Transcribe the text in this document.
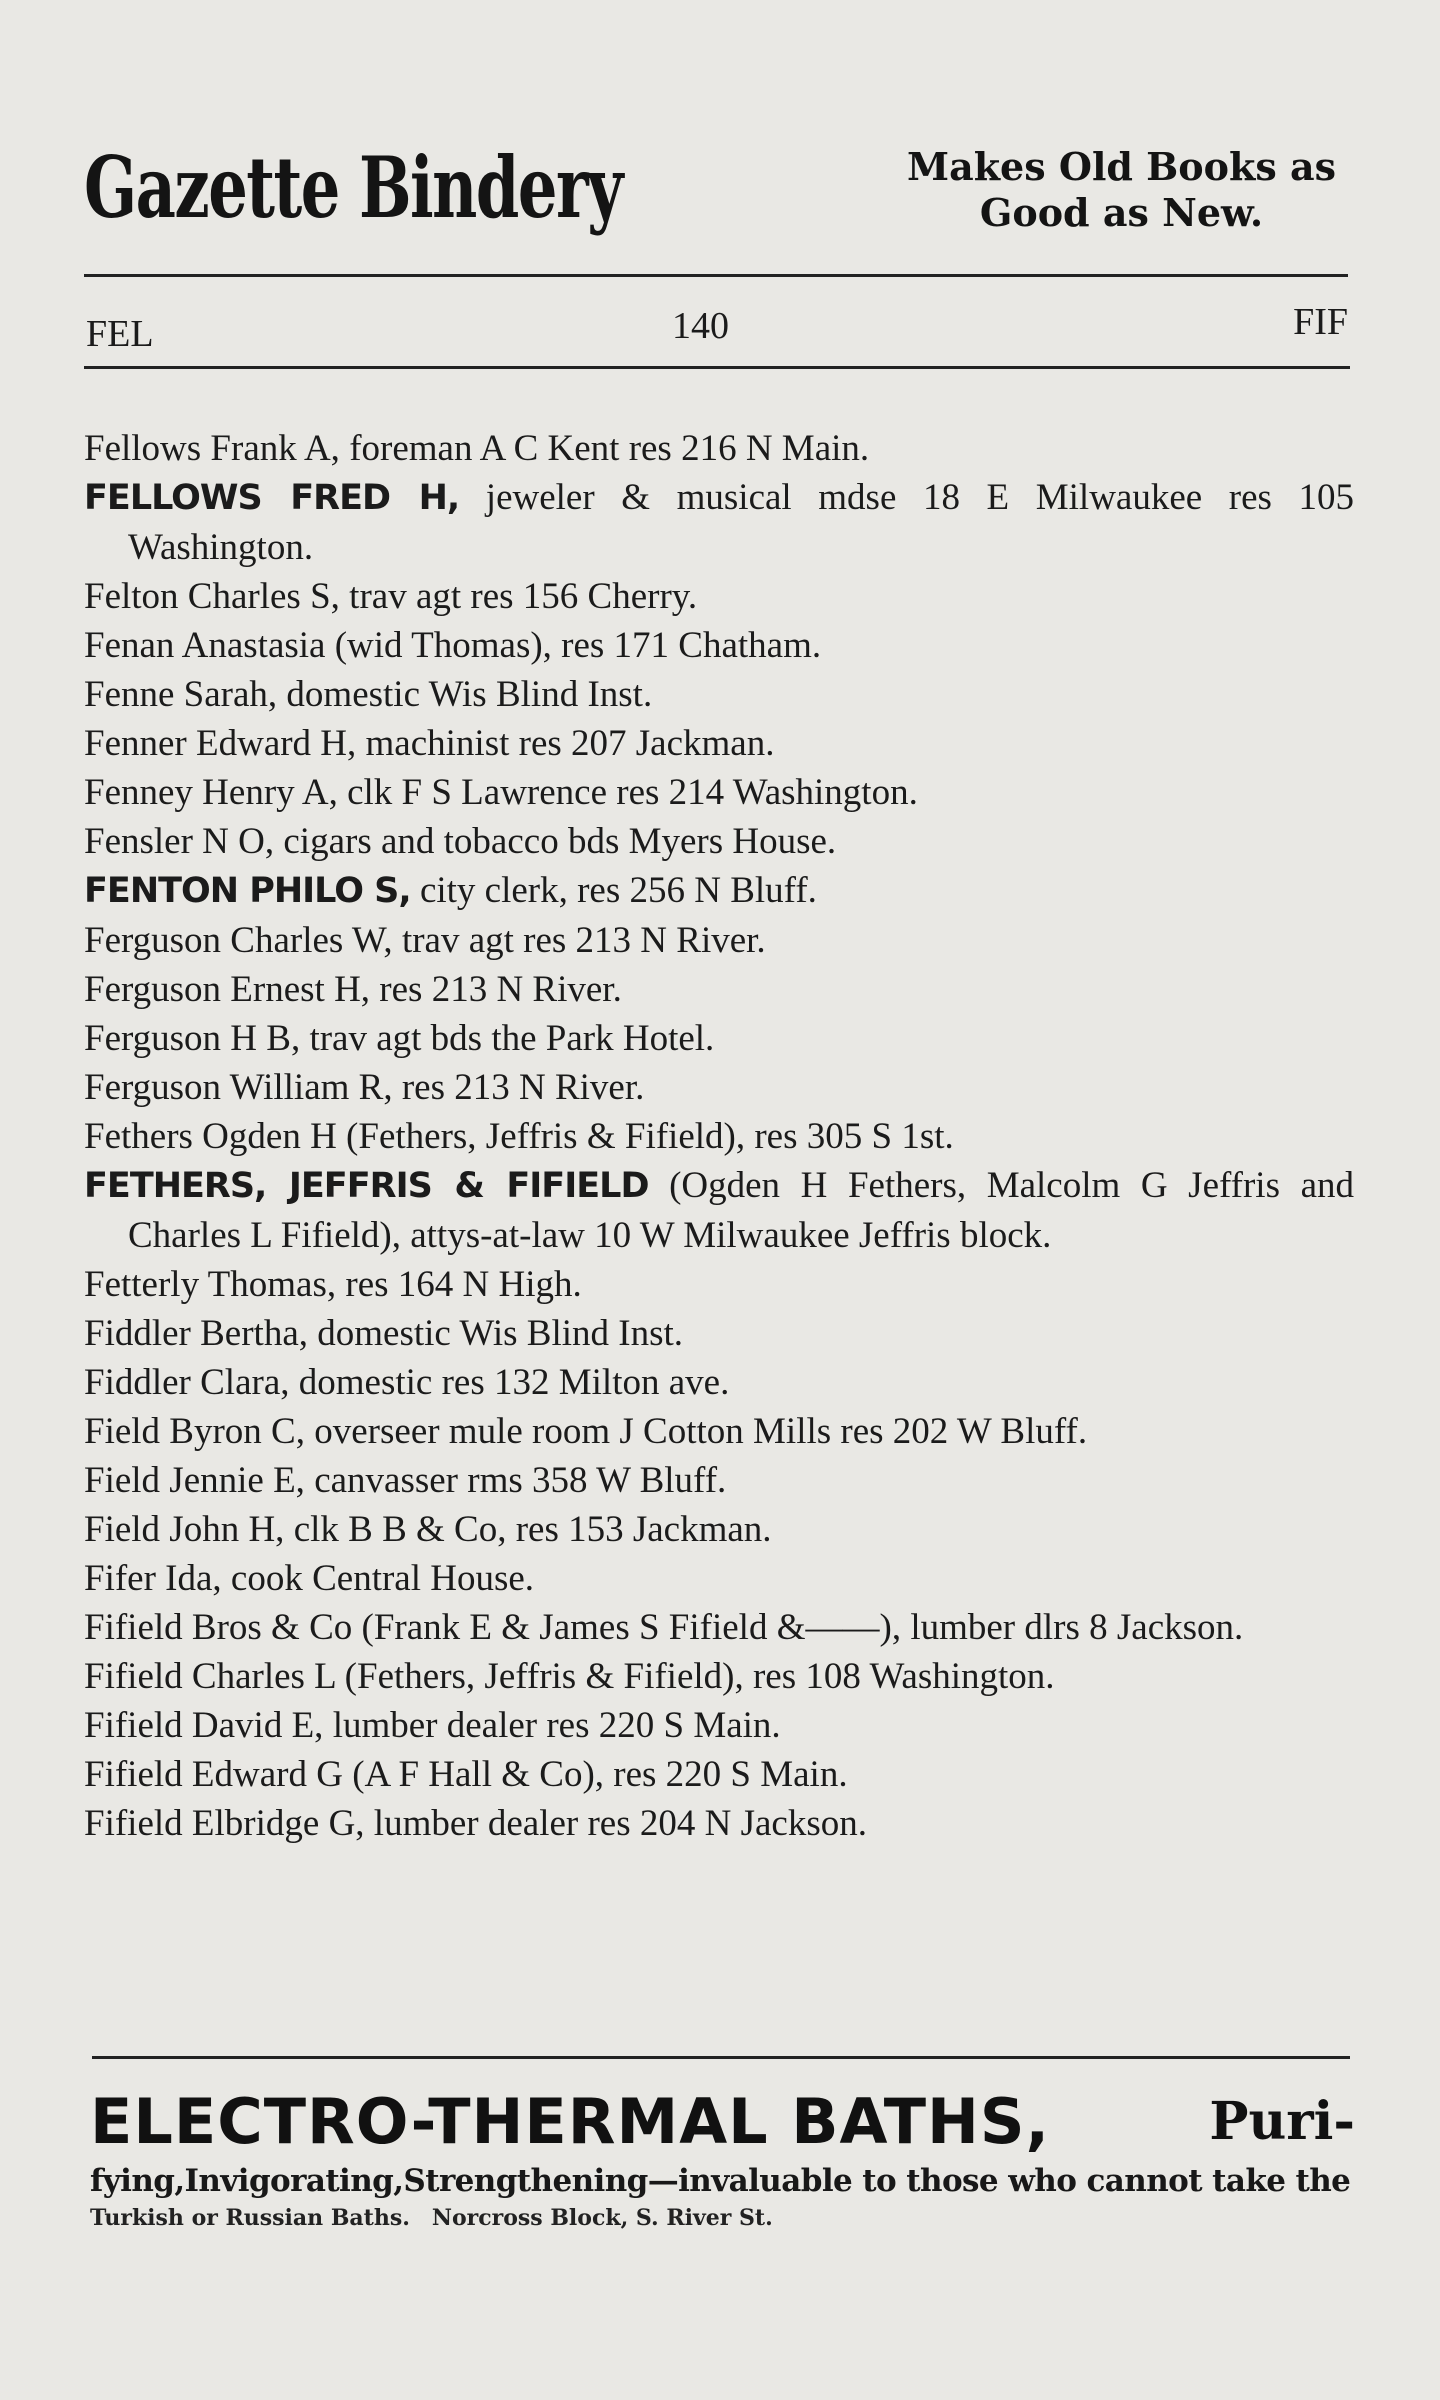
Gazette Bindery	Makes Old Books as
Good as New.
FEL	140	FIF
Fellows Frank A, foreman A C Kent res 216 N Main.
FELLOWS FRED H, jeweler & musical mdse 18 E Milwaukee res 105 Washington.
Felton Charles S, trav agt res 156 Cherry.
Fenan Anastasia (wid Thomas), res 171 Chatham.
Fenne Sarah, domestic Wis Blind Inst.
Fenner Edward H, machinist res 207 Jackman.
Fenney Henry A, clk F S Lawrence res 214 Washington.
Fensler N O, cigars and tobacco bds Myers House.
FENTON PHILO S, city clerk, res 256 N Bluff.
Ferguson Charles W, trav agt res 213 N River.
Ferguson Ernest H, res 213 N River.
Ferguson H B, trav agt bds the Park Hotel.
Ferguson William R, res 213 N River.
Fethers Ogden H (Fethers, Jeffris & Fifield), res 305 S 1st.
FETHERS, JEFFRIS & FIFIELD (Ogden H Fethers, Malcolm G Jeffris and Charles L Fifield), attys-at-law 10 W Milwaukee Jeffris block.
Fetterly Thomas, res 164 N High.
Fiddler Bertha, domestic Wis Blind Inst.
Fiddler Clara, domestic res 132 Milton ave.
Field Byron C, overseer mule room J Cotton Mills res 202 W Bluff.
Field Jennie E, canvasser rms 358 W Bluff.
Field John H, clk B B & Co, res 153 Jackman.
Fifer Ida, cook Central House.
Fifield Bros & Co (Frank E & James S Fifield &——), lumber dlrs 8 Jackson.
Fifield Charles L (Fethers, Jeffris & Fifield), res 108 Washington.
Fifield David E, lumber dealer res 220 S Main.
Fifield Edward G (A F Hall & Co), res 220 S Main.
Fifield Elbridge G, lumber dealer res 204 N Jackson.
ELECTRO-THERMAL BATHS,	Puri-
fying,Invigorating,Strengthening—invaluable to those who cannot take the
Turkish or Russian Baths. Norcross Block, S. River St.
